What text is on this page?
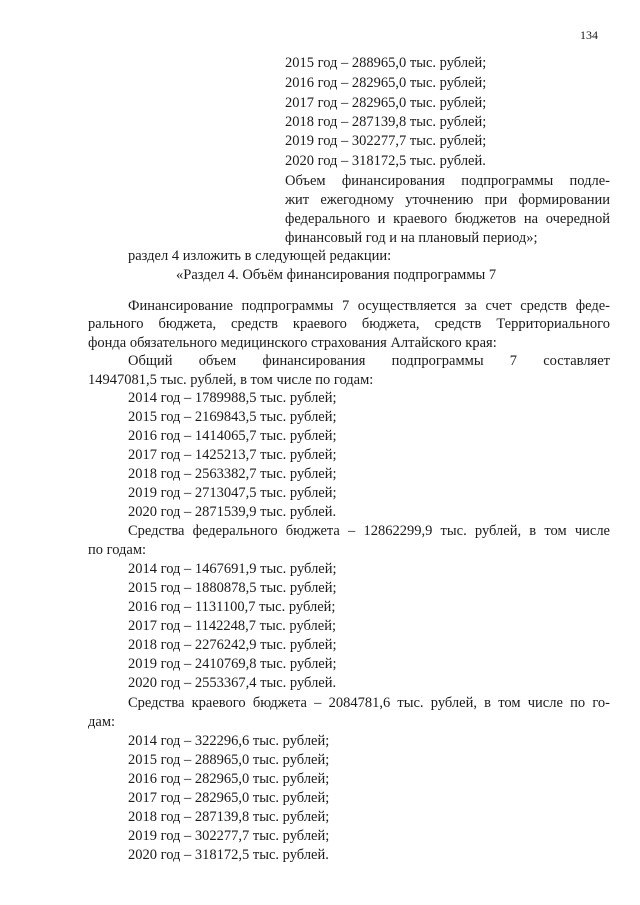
134
2015 год – 288965,0 тыс. рублей;
2016 год – 282965,0 тыс. рублей;
2017 год – 282965,0 тыс. рублей;
2018 год – 287139,8 тыс. рублей;
2019 год – 302277,7 тыс. рублей;
2020 год – 318172,5 тыс. рублей.
Объем финансирования подпрограммы подле-
жит ежегодному уточнению при формировании
федерального и краевого бюджетов на очередной
финансовый год и на плановый период»;
раздел 4 изложить в следующей редакции:
«Раздел 4. Объём финансирования подпрограммы 7
Финансирование подпрограммы 7 осуществляется за счет средств феде-
рального бюджета, средств краевого бюджета, средств Территориального
фонда обязательного медицинского страхования Алтайского края:
Общий объем финансирования подпрограммы 7 составляет
14947081,5 тыс. рублей, в том числе по годам:
2014 год – 1789988,5 тыс. рублей;
2015 год – 2169843,5 тыс. рублей;
2016 год – 1414065,7 тыс. рублей;
2017 год – 1425213,7 тыс. рублей;
2018 год – 2563382,7 тыс. рублей;
2019 год – 2713047,5 тыс. рублей;
2020 год – 2871539,9 тыс. рублей.
Средства федерального бюджета – 12862299,9 тыс. рублей, в том числе
по годам:
2014 год – 1467691,9 тыс. рублей;
2015 год – 1880878,5 тыс. рублей;
2016 год – 1131100,7 тыс. рублей;
2017 год – 1142248,7 тыс. рублей;
2018 год – 2276242,9 тыс. рублей;
2019 год – 2410769,8 тыс. рублей;
2020 год – 2553367,4 тыс. рублей.
Средства краевого бюджета – 2084781,6 тыс. рублей, в том числе по го-
дам:
2014 год – 322296,6 тыс. рублей;
2015 год – 288965,0 тыс. рублей;
2016 год – 282965,0 тыс. рублей;
2017 год – 282965,0 тыс. рублей;
2018 год – 287139,8 тыс. рублей;
2019 год – 302277,7 тыс. рублей;
2020 год – 318172,5 тыс. рублей.
